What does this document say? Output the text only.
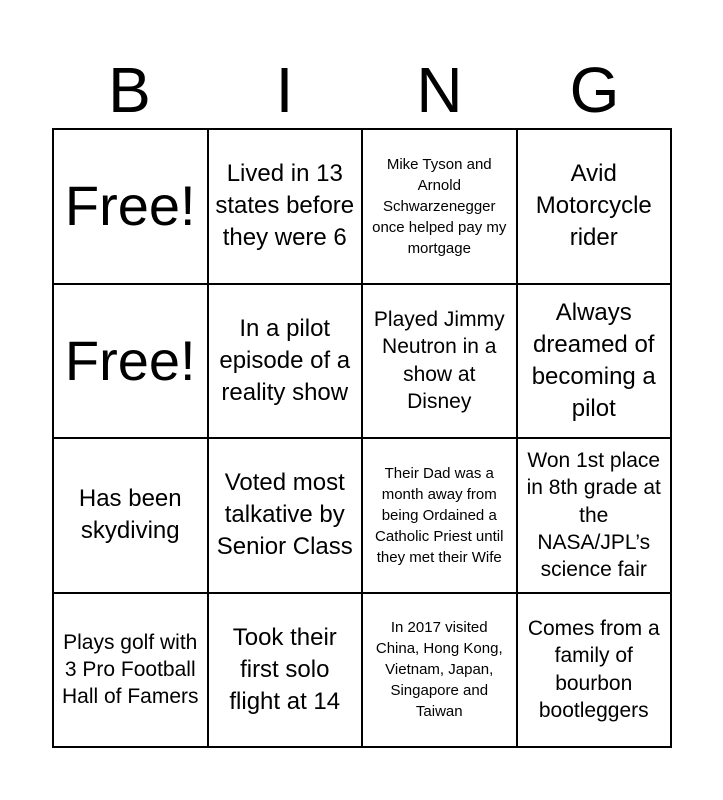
B	I	N	G
Free!
Lived in 13 states before they were 6
Mike Tyson and Arnold Schwarzenegger once helped pay my mortgage
Avid Motorcycle rider
Free!
In a pilot episode of a reality show
Played Jimmy Neutron in a show at Disney
Always dreamed of becoming a pilot
Has been skydiving
Voted most talkative by Senior Class
Their Dad was a month away from being Ordained a Catholic Priest until they met their Wife
Won 1st place in 8th grade at the NASA/JPL’s science fair
Plays golf with 3 Pro Football Hall of Famers
Took their first solo flight at 14
In 2017 visited China, Hong Kong, Vietnam, Japan, Singapore and Taiwan
Comes from a family of bourbon bootleggers
